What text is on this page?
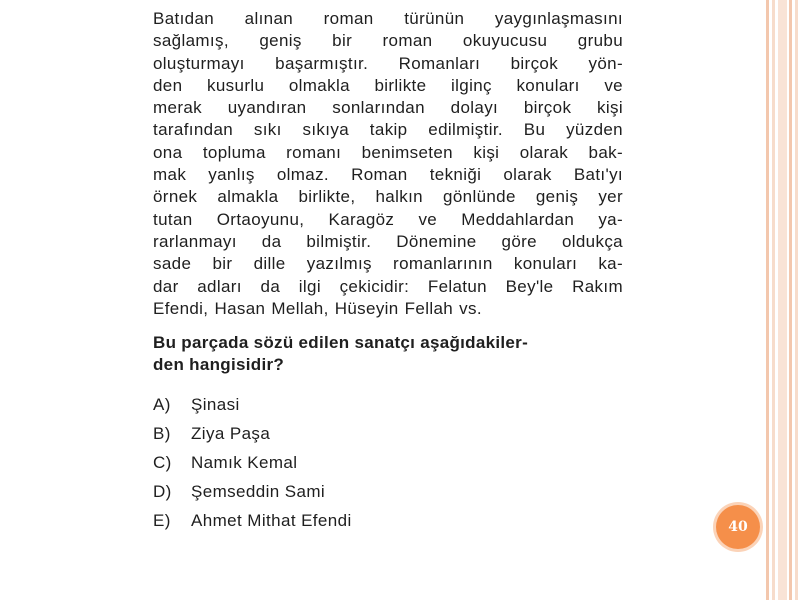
Batıdan alınan roman türünün yaygınlaşmasını
sağlamış, geniş bir roman okuyucusu grubu
oluşturmayı başarmıştır. Romanları birçok yön-
den kusurlu olmakla birlikte ilginç konuları ve
merak uyandıran sonlarından dolayı birçok kişi
tarafından sıkı sıkıya takip edilmiştir. Bu yüzden
ona topluma romanı benimseten kişi olarak bak-
mak yanlış olmaz. Roman tekniği olarak Batı'yı
örnek almakla birlikte, halkın gönlünde geniş yer
tutan Ortaoyunu, Karagöz ve Meddahlardan ya-
rarlanmayı da bilmiştir. Dönemine göre oldukça
sade bir dille yazılmış romanlarının konuları ka-
dar adları da ilgi çekicidir: Felatun Bey'le Rakım
Efendi, Hasan Mellah, Hüseyin Fellah vs.
Bu parçada sözü edilen sanatçı aşağıdakiler-
den hangisidir?
A)	Şinasi
B)	Ziya Paşa
C)	Namık Kemal
D)	Şemseddin Sami
E)	Ahmet Mithat Efendi	40
